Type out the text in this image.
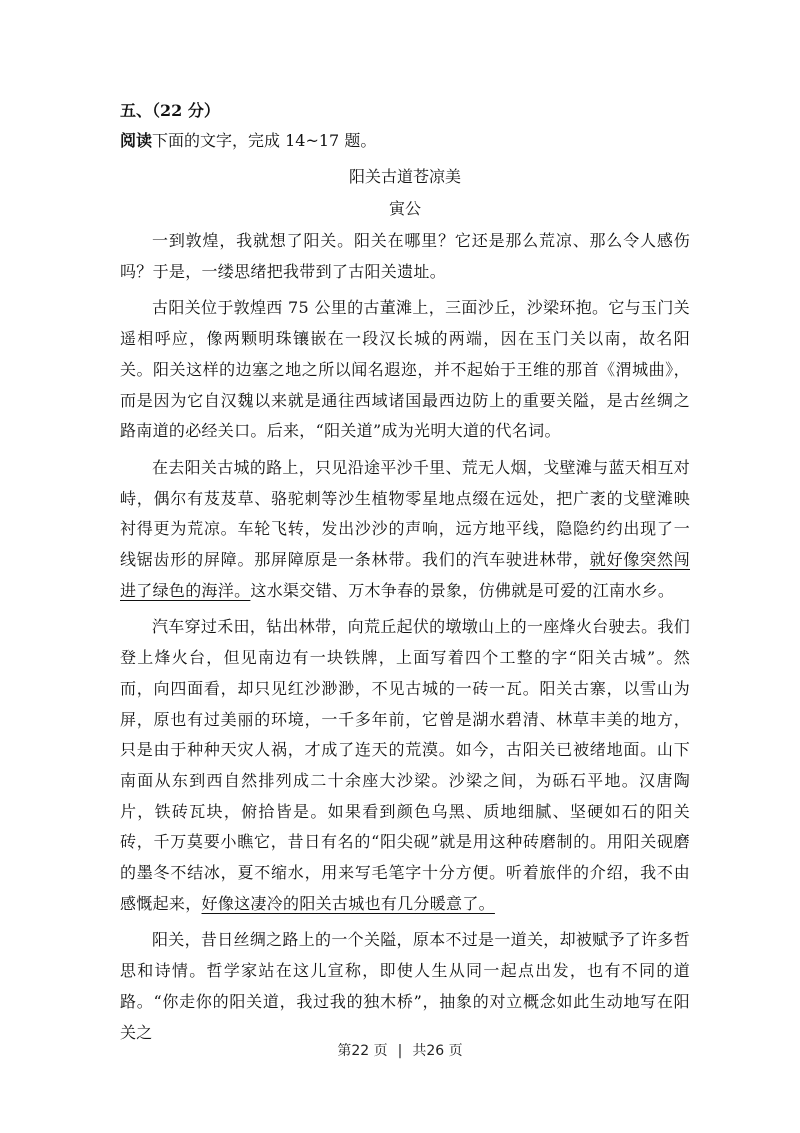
五、（22 分）

阅读下面的文字，完成 14~17 题。

阳关古道苍凉美

寅公

一到敦煌，我就想了阳关。阳关在哪里？它还是那么荒凉、那么令人感伤吗？于是，一缕思绪把我带到了古阳关遗址。

古阳关位于敦煌西 75 公里的古董滩上，三面沙丘，沙梁环抱。它与玉门关遥相呼应，像两颗明珠镶嵌在一段汉长城的两端，因在玉门关以南，故名阳关。阳关这样的边塞之地之所以闻名遐迩，并不起始于王维的那首《渭城曲》，而是因为它自汉魏以来就是通往西域诸国最西边防上的重要关隘，是古丝绸之路南道的必经关口。后来，“阳关道”成为光明大道的代名词。

在去阳关古城的路上，只见沿途平沙千里、荒无人烟，戈壁滩与蓝天相互对峙，偶尔有芨芨草、骆驼刺等沙生植物零星地点缀在远处，把广袤的戈壁滩映衬得更为荒凉。车轮飞转，发出沙沙的声响，远方地平线，隐隐约约出现了一线锯齿形的屏障。那屏障原是一条林带。我们的汽车驶进林带，就好像突然闯进了绿色的海洋。这水渠交错、万木争春的景象，仿佛就是可爱的江南水乡。

汽车穿过禾田，钻出林带，向荒丘起伏的墩墩山上的一座烽火台驶去。我们登上烽火台，但见南边有一块铁牌，上面写着四个工整的字“阳关古城”。然而，向四面看，却只见红沙渺渺，不见古城的一砖一瓦。阳关古寨，以雪山为屏，原也有过美丽的环境，一千多年前，它曾是湖水碧清、林草丰美的地方，只是由于种种天灾人祸，才成了连天的荒漠。如今，古阳关已被绪地面。山下南面从东到西自然排列成二十余座大沙梁。沙梁之间，为砾石平地。汉唐陶片，铁砖瓦块，俯拾皆是。如果看到颜色乌黑、质地细腻、坚硬如石的阳关砖，千万莫要小瞧它，昔日有名的“阳尖砚”就是用这种砖磨制的。用阳关砚磨的墨冬不结冰，夏不缩水，用来写毛笔字十分方便。听着旅伴的介绍，我不由感慨起来，好像这凄冷的阳关古城也有几分暖意了。

阳关，昔日丝绸之路上的一个关隘，原本不过是一道关，却被赋予了许多哲思和诗情。哲学家站在这儿宣称，即使人生从同一起点出发，也有不同的道路。“你走你的阳关道，我过我的独木桥”，抽象的对立概念如此生动地写在阳关之

第22 页 | 共26 页
